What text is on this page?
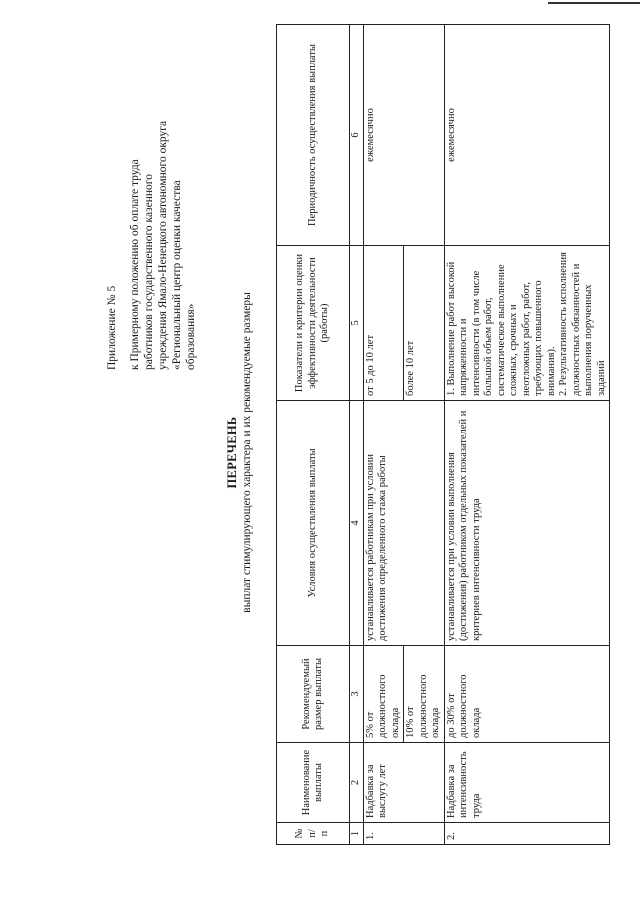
Приложение № 5 к Примерному положению об оплате труда работников государственного казенного учреждения Ямало-Ненецкого автономного округа «Региональный центр оценки качества образования»
ПЕРЕЧЕНЬ выплат стимулирующего характера и их рекомендуемые размеры
№ п/п	Наименование выплаты	Рекомендуемый размер выплаты	Условия осуществления выплаты	Показатели и критерии оценки эффективности деятельности (работы)	Периодичность осуществления выплаты
1	2	3	4	5	6
1.	Надбавка за выслугу лет	5% от должностного оклада	устанавливается работникам при условии достижения определенного стажа работы	от 5 до 10 лет	ежемесячно
		10% от должностного оклада		более 10 лет	
2.	Надбавка за интенсивность труда	до 30% от должностного оклада	устанавливается при условии выполнения (достижения) работником отдельных показателей и критериев интенсивности труда	1. Выполнение работ высокой напряженности и интенсивности (в том числе большой объем работ, систематическое выполнение сложных, срочных и неотложных работ, работ, требующих повышенного внимания). 2. Результативность исполнения должностных обязанностей и выполнения порученных заданий	ежемесячно
